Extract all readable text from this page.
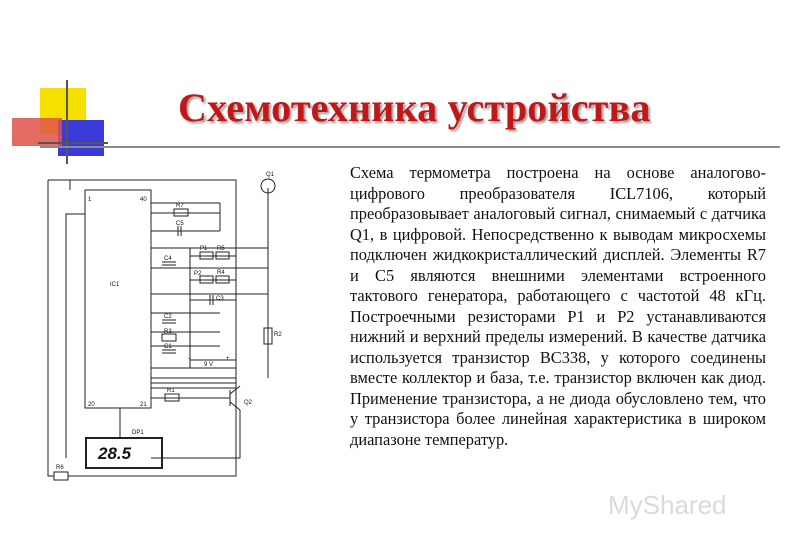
Схемотехника устройства
IC1
1	40
20	21
R7
C5
P1 R5
C4
P2	R4
C3
C2
R3
C1
-
9 V
+
Q1
R2
R1
Q2
DP1
R6
28.5
Схема термометра построена на основе аналогово-цифрового преобразователя ICL7106, который преобразовывает аналоговый сигнал, снимаемый с датчика Q1, в цифровой. Непосредственно к выводам микросхемы подключен жидкокристаллический дисплей. Элементы R7 и C5 являются внешними элементами встроенного тактового генератора, работающего с частотой 48 кГц. Построечными резисторами P1 и P2 устанавливаются нижний и верхний пределы измерений. В качестве датчика используется транзистор BC338, у которого соединены вместе коллектор и база, т.е. транзистор включен как диод. Применение транзистора, а не диода обусловлено тем, что у транзистора более линейная характеристика в широком диапазоне температур.
MyShared
